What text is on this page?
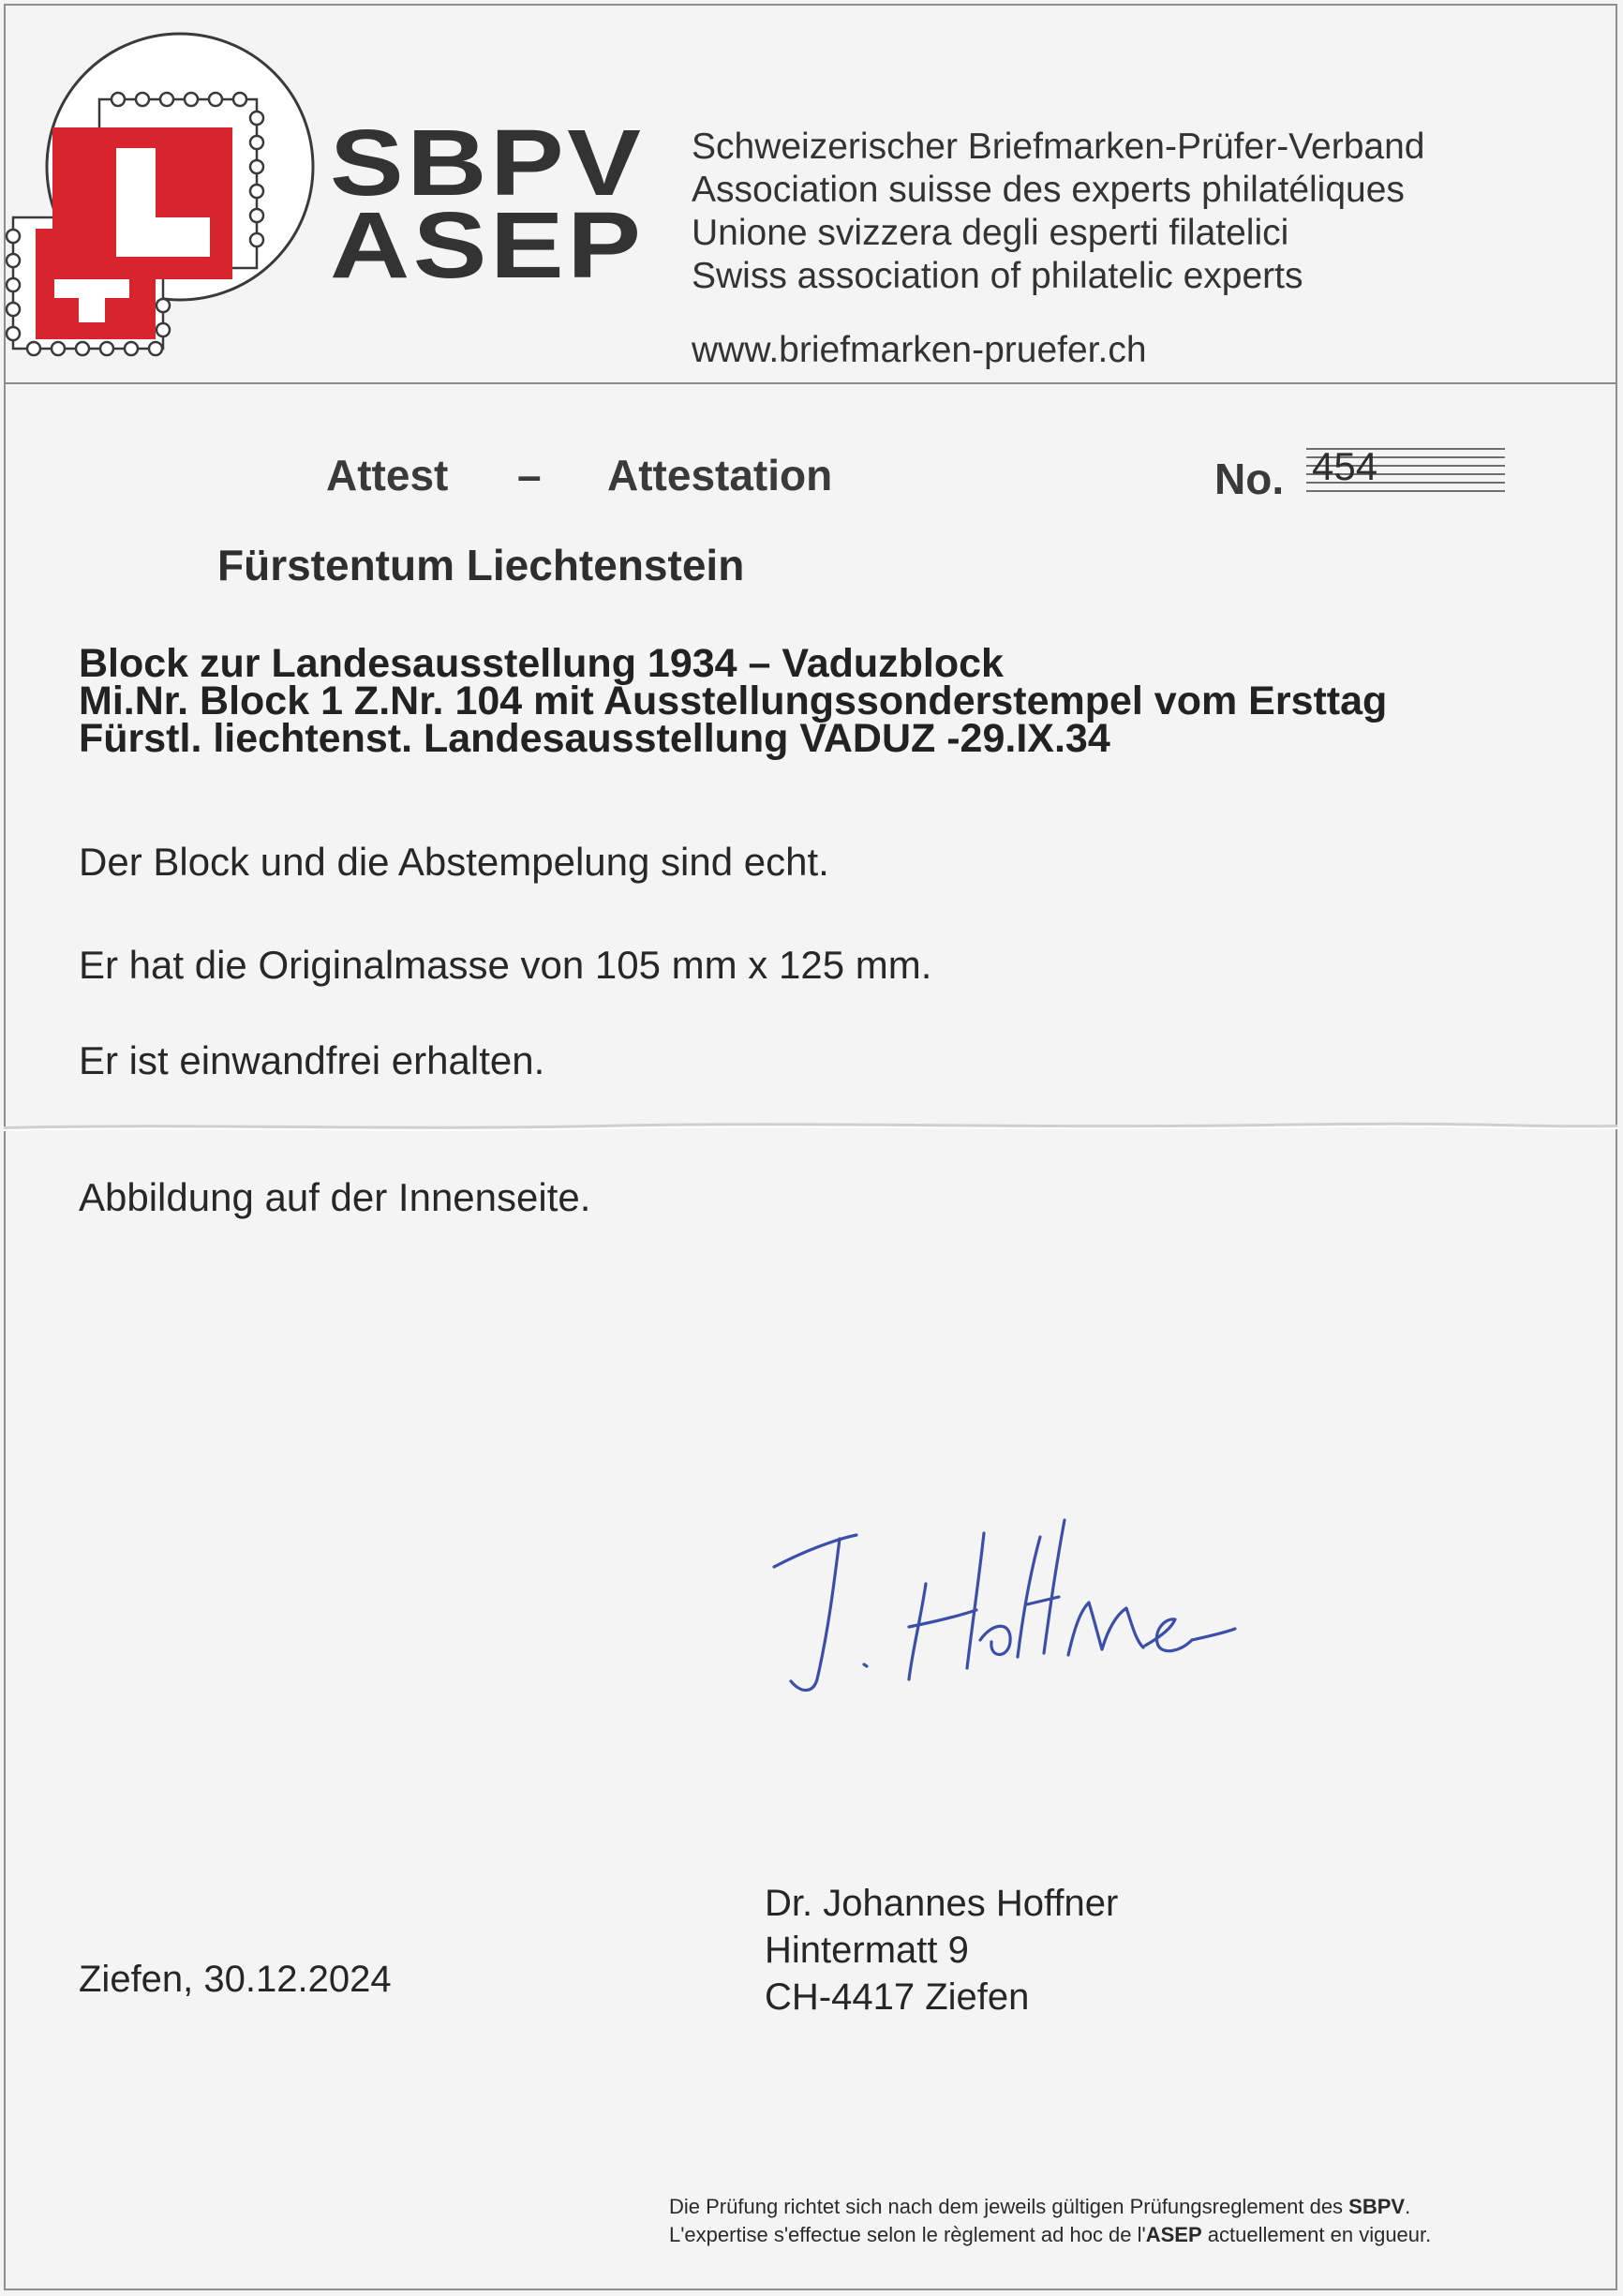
SBPV
ASEP
Schweizerischer Briefmarken-Prüfer-Verband
Association suisse des experts philatéliques
Unione svizzera degli esperti filatelici
Swiss association of philatelic experts
www.briefmarken-pruefer.ch
Attest – Attestation	No. 454
Fürstentum Liechtenstein
Block zur Landesausstellung 1934 – Vaduzblock
Mi.Nr. Block 1 Z.Nr. 104 mit Ausstellungssonderstempel vom Ersttag
Fürstl. liechtenst. Landesausstellung VADUZ -29.IX.34
Der Block und die Abstempelung sind echt.
Er hat die Originalmasse von 105 mm x 125 mm.
Er ist einwandfrei erhalten.
Abbildung auf der Innenseite.
Dr. Johannes Hoffner
Hintermatt 9
CH-4417 Ziefen
Ziefen, 30.12.2024
Die Prüfung richtet sich nach dem jeweils gültigen Prüfungsreglement des SBPV.
L'expertise s'effectue selon le règlement ad hoc de l'ASEP actuellement en vigueur.
